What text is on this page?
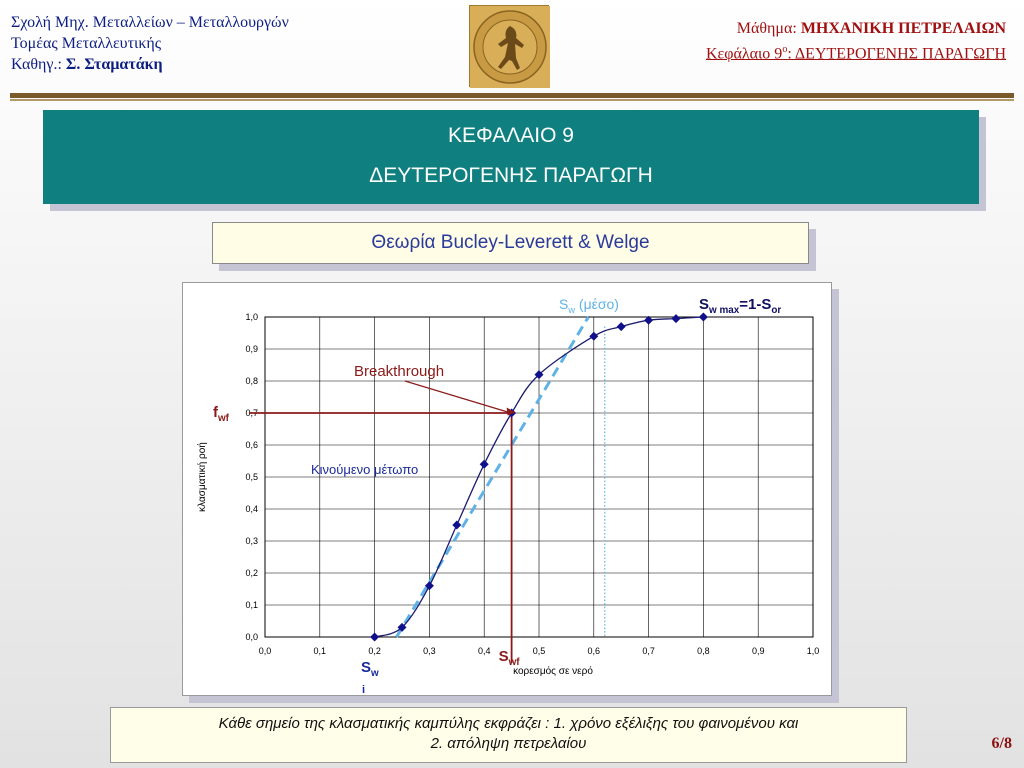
Σχολή Μηχ. Μεταλλείων – Μεταλλουργών
Τομέας Μεταλλευτικής
Καθηγ.: Σ. Σταματάκη
Μάθημα: ΜΗΧΑΝΙΚΗ ΠΕΤΡΕΛΑΙΩΝ
Κεφάλαιο $9^o$: ΔΕΥΤΕΡΟΓΕΝΗΣ ΠΑΡΑΓΩΓΗ
ΚΕΦΑΛΑΙΟ 9
ΔΕΥΤΕΡΟΓΕΝΗΣ ΠΑΡΑΓΩΓΗ
Θεωρία Bucley-Leverett & Welge
0,0	0,1	0,2	0,3	0,4	0,5	0,6	0,7	0,8	0,9	1,0
0,0
0,1
0,2
0,3
0,4
0,5
0,6
0,7
0,8
0,9
1,0
κορεσμός σε νερό
κλασματική ροή
Breakthrough
Κινούμενο μέτωπο
$f_{wf}$
$S_{wf}$
$S_w$
i
$S_w$ (μέσο)	$S_{w max}=1-S_{or}$
Κάθε σημείο της κλασματικής καμπύλης εκφράζει : 1. χρόνο εξέλιξης του φαινομένου και
2. απόληψη πετρελαίου	6/8
